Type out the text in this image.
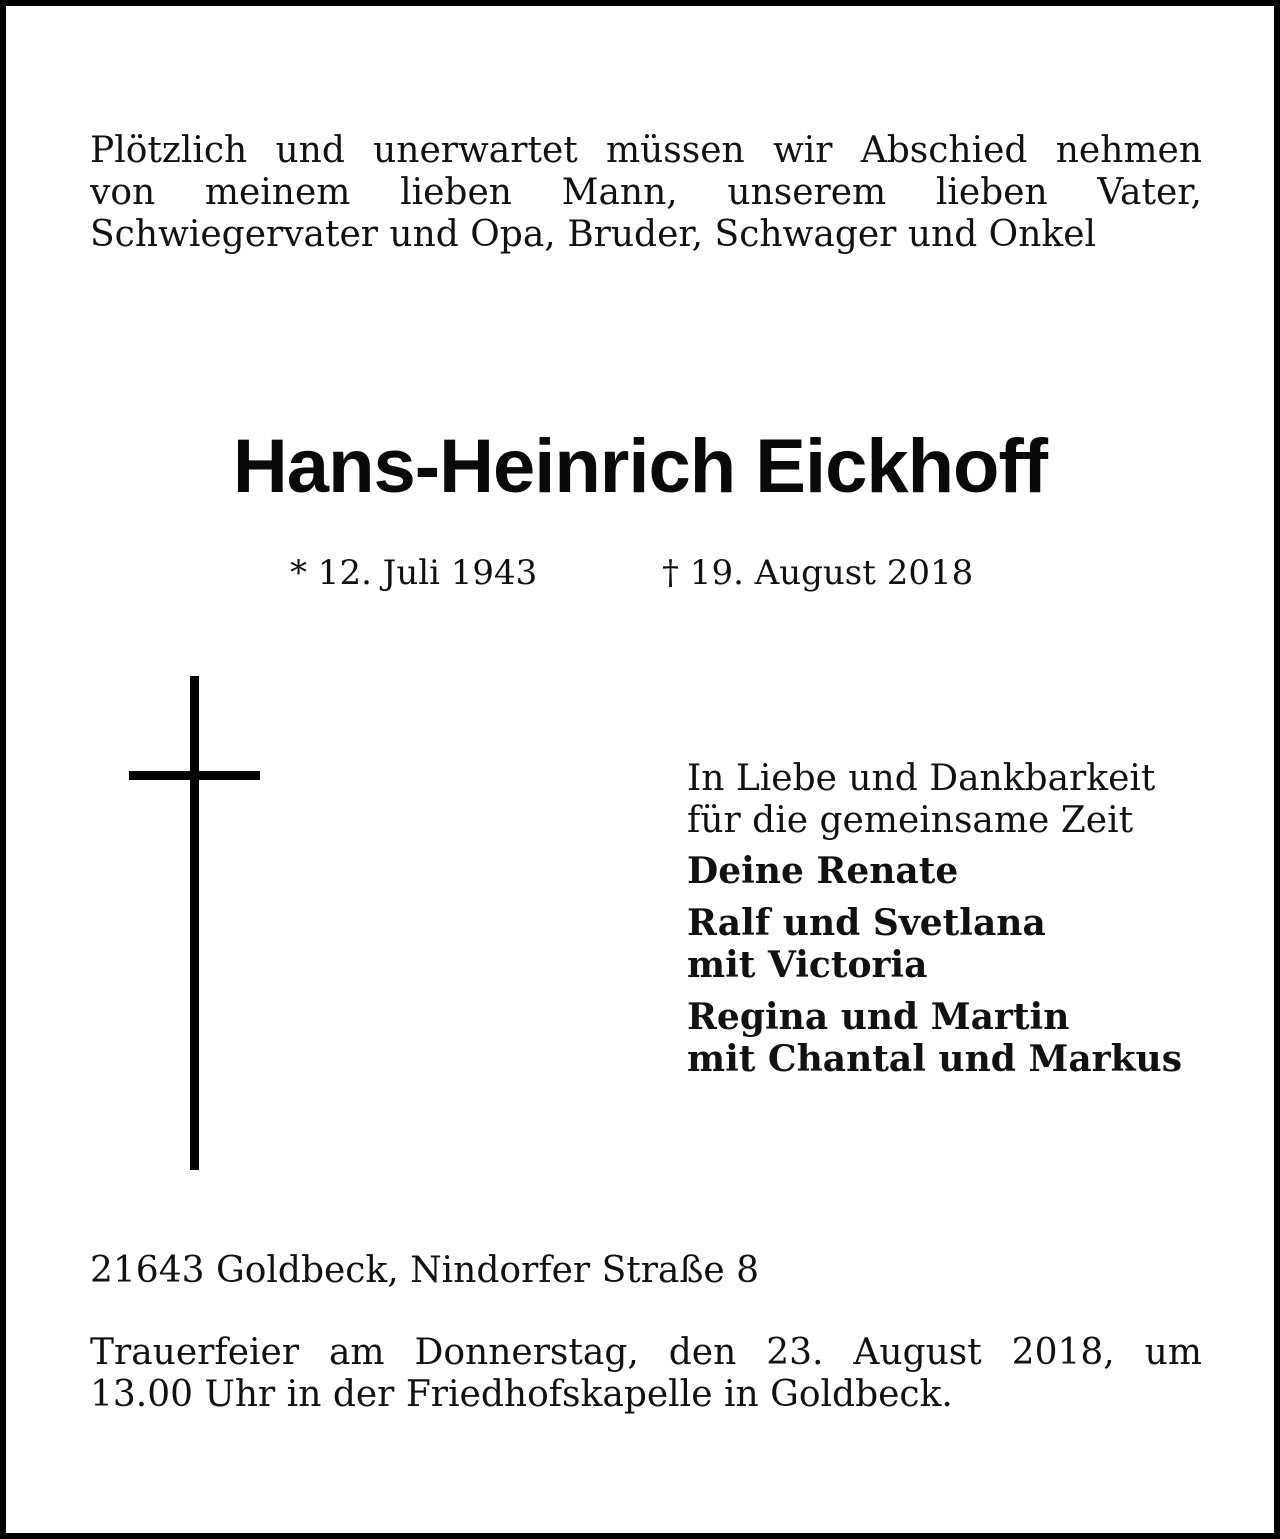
Plötzlich und unerwartet müssen wir Abschied nehmen
von meinem lieben Mann, unserem lieben Vater,
Schwiegervater und Opa, Bruder, Schwager und Onkel
Hans-Heinrich Eickhoff
* 12. Juli 1943	† 19. August 2018
In Liebe und Dankbarkeit
für die gemeinsame Zeit
Deine Renate
Ralf und Svetlana
mit Victoria
Regina und Martin
mit Chantal und Markus
21643 Goldbeck, Nindorfer Straße 8
Trauerfeier am Donnerstag, den 23. August 2018, um
13.00 Uhr in der Friedhofskapelle in Goldbeck.
